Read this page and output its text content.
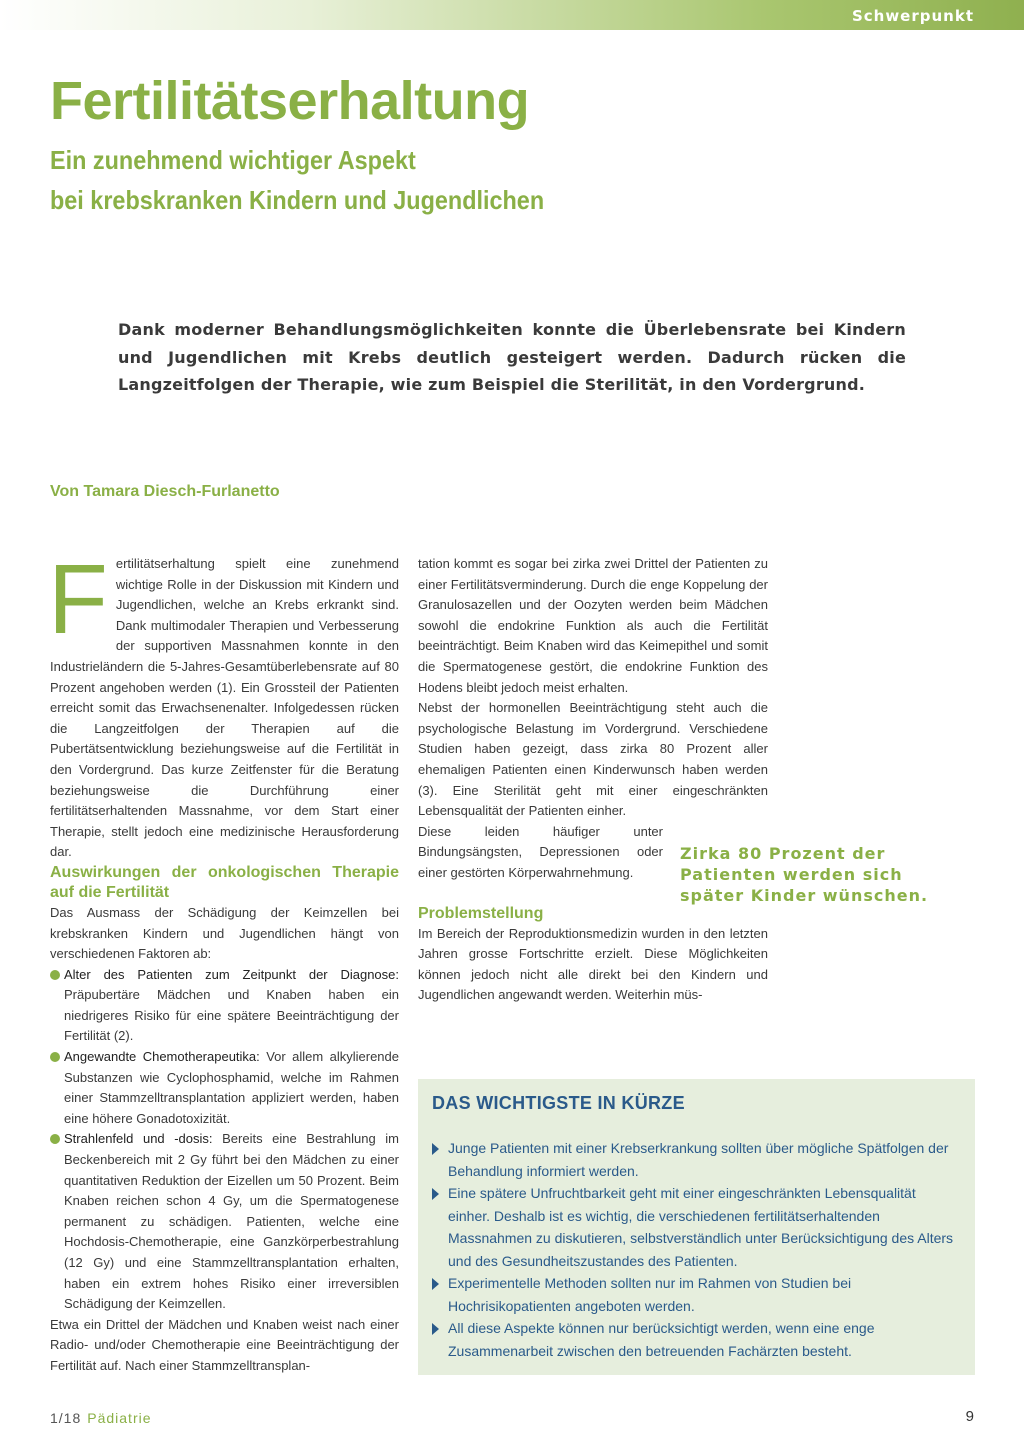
Schwerpunkt
Fertilitätserhaltung
Ein zunehmend wichtiger Aspekt
bei krebskranken Kindern und Jugendlichen

Dank moderner Behandlungsmöglichkeiten konnte die Überlebensrate bei Kindern und Jugendlichen mit Krebs deutlich gesteigert werden. Dadurch rücken die Langzeitfolgen der Therapie, wie zum Beispiel die Sterilität, in den Vordergrund.

Von Tamara Diesch-Furlanetto

Fertilitätserhaltung spielt eine zunehmend wichtige Rolle in der Diskussion mit Kindern und Jugendlichen, welche an Krebs erkrankt sind. Dank multimodaler Therapien und Verbesserung der supportiven Massnahmen konnte in den Industrieländern die 5-Jahres-Gesamtüberlebensrate auf 80 Prozent angehoben werden (1). Ein Grossteil der Patienten erreicht somit das Erwachsenenalter. Infolgedessen rücken die Langzeitfolgen der Therapien auf die Pubertätsentwicklung beziehungsweise auf die Fertilität in den Vordergrund. Das kurze Zeitfenster für die Beratung beziehungsweise die Durchführung einer fertilitätserhaltenden Massnahme, vor dem Start einer Therapie, stellt jedoch eine medizinische Herausforderung dar.

Auswirkungen der onkologischen Therapie auf die Fertilität

Das Ausmass der Schädigung der Keimzellen bei krebskranken Kindern und Jugendlichen hängt von verschiedenen Faktoren ab:

Alter des Patienten zum Zeitpunkt der Diagnose: Präpubertäre Mädchen und Knaben haben ein niedrigeres Risiko für eine spätere Beeinträchtigung der Fertilität (2).

Angewandte Chemotherapeutika: Vor allem alkylierende Substanzen wie Cyclophosphamid, welche im Rahmen einer Stammzelltransplantation appliziert werden, haben eine höhere Gonadotoxizität.

Strahlenfeld und -dosis: Bereits eine Bestrahlung im Beckenbereich mit 2 Gy führt bei den Mädchen zu einer quantitativen Reduktion der Eizellen um 50 Prozent. Beim Knaben reichen schon 4 Gy, um die Spermatogenese permanent zu schädigen. Patienten, welche eine Hochdosis-Chemotherapie, eine Ganzkörperbestrahlung (12 Gy) und eine Stammzelltransplantation erhalten, haben ein extrem hohes Risiko einer irreversiblen Schädigung der Keimzellen.

Etwa ein Drittel der Mädchen und Knaben weist nach einer Radio- und/oder Chemotherapie eine Beeinträchtigung der Fertilität auf. Nach einer Stammzelltransplan-

tation kommt es sogar bei zirka zwei Drittel der Patienten zu einer Fertilitätsverminderung. Durch die enge Koppelung der Granulosazellen und der Oozyten werden beim Mädchen sowohl die endokrine Funktion als auch die Fertilität beeinträchtigt. Beim Knaben wird das Keimepithel und somit die Spermatogenese gestört, die endokrine Funktion des Hodens bleibt jedoch meist erhalten.

Nebst der hormonellen Beeinträchtigung steht auch die psychologische Belastung im Vordergrund. Verschiedene Studien haben gezeigt, dass zirka 80 Prozent aller ehemaligen Patienten einen Kinderwunsch haben werden (3). Eine Sterilität geht mit einer eingeschränkten Lebensqualität der Patienten einher.

Diese leiden häufiger unter Bindungsängsten, Depressionen oder einer gestörten Körperwahrnehmung.

Problemstellung

Im Bereich der Reproduktionsmedizin wurden in den letzten Jahren grosse Fortschritte erzielt. Diese Möglichkeiten können jedoch nicht alle direkt bei den Kindern und Jugendlichen angewandt werden. Weiterhin müs-

Zirka 80 Prozent der
Patienten werden sich
später Kinder wünschen.

DAS WICHTIGSTE IN KÜRZE

Junge Patienten mit einer Krebserkrankung sollten über mögliche Spätfolgen der Behandlung informiert werden.
Eine spätere Unfruchtbarkeit geht mit einer eingeschränkten Lebensqualität einher. Deshalb ist es wichtig, die verschiedenen fertilitätserhaltenden Massnahmen zu diskutieren, selbstverständlich unter Berücksichtigung des Alters und des Gesundheitszustandes des Patienten.
Experimentelle Methoden sollten nur im Rahmen von Studien bei Hochrisikopatienten angeboten werden.
All diese Aspekte können nur berücksichtigt werden, wenn eine enge Zusammenarbeit zwischen den betreuenden Fachärzten besteht.
1/18 Pädiatrie	9
